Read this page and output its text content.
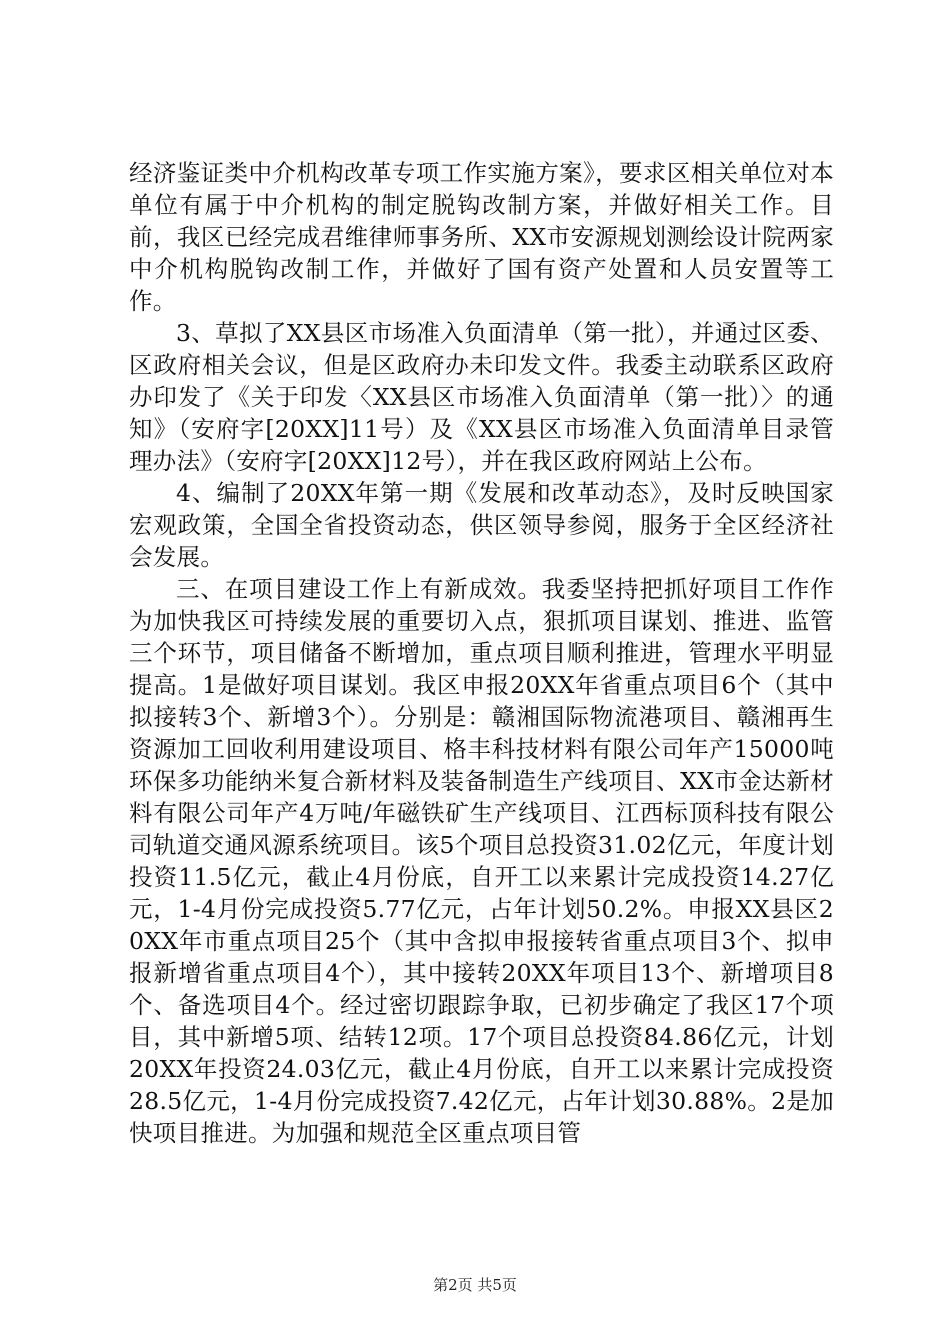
经济鉴证类中介机构改革专项工作实施方案》，要求区相关单位对本单位有属于中介机构的制定脱钩改制方案，并做好相关工作。目前，我区已经完成君维律师事务所、XX市安源规划测绘设计院两家中介机构脱钩改制工作，并做好了国有资产处置和人员安置等工作。

3、草拟了XX县区市场准入负面清单（第一批），并通过区委、区政府相关会议，但是区政府办未印发文件。我委主动联系区政府办印发了《关于印发〈XX县区市场准入负面清单（第一批）〉的通知》（安府字[20XX]11号）及《XX县区市场准入负面清单目录管理办法》（安府字[20XX]12号），并在我区政府网站上公布。

4、编制了20XX年第一期《发展和改革动态》，及时反映国家宏观政策，全国全省投资动态，供区领导参阅，服务于全区经济社会发展。

三、在项目建设工作上有新成效。我委坚持把抓好项目工作作为加快我区可持续发展的重要切入点，狠抓项目谋划、推进、监管三个环节，项目储备不断增加，重点项目顺利推进，管理水平明显提高。1是做好项目谋划。我区申报20XX年省重点项目6个（其中拟接转3个、新增3个）。分别是：赣湘国际物流港项目、赣湘再生资源加工回收利用建设项目、格丰科技材料有限公司年产15000吨环保多功能纳米复合新材料及装备制造生产线项目、XX市金达新材料有限公司年产4万吨/年磁铁矿生产线项目、江西标顶科技有限公司轨道交通风源系统项目。该5个项目总投资31.02亿元，年度计划投资11.5亿元，截止4月份底，自开工以来累计完成投资14.27亿元，1-4月份完成投资5.77亿元，占年计划50.2%。申报XX县区20XX年市重点项目25个（其中含拟申报接转省重点项目3个、拟申报新增省重点项目4个），其中接转20XX年项目13个、新增项目8个、备选项目4个。经过密切跟踪争取，已初步确定了我区17个项目，其中新增5项、结转12项。17个项目总投资84.86亿元，计划20XX年投资24.03亿元，截止4月份底，自开工以来累计完成投资28.5亿元，1-4月份完成投资7.42亿元，占年计划30.88%。2是加快项目推进。为加强和规范全区重点项目管

第2页 共5页
